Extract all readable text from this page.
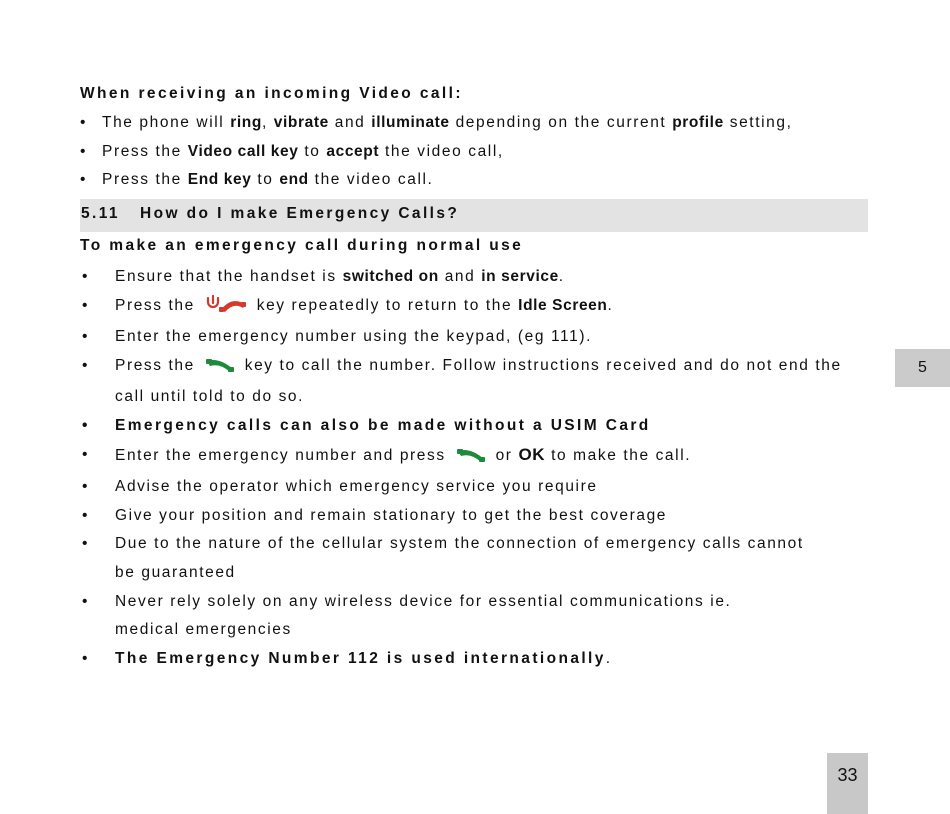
When receiving an incoming Video call:
• The phone will ring, vibrate and illuminate depending on the current profile setting,
• Press the Video call key to accept the video call,
• Press the End key to end the video call.
5.11   How do I make Emergency Calls?
To make an emergency call during normal use
• Ensure that the handset is switched on and in service.
• Press the	key repeatedly to return to the Idle Screen.
• Enter the emergency number using the keypad, (eg 111).
• Press the	key to call the number. Follow instructions received and do not end the call until told to do so.
• Emergency calls can also be made without a USIM Card
• Enter the emergency number and press	or OK to make the call.
• Advise the operator which emergency service you require
• Give your position and remain stationary to get the best coverage
• Due to the nature of the cellular system the connection of emergency calls cannot be guaranteed
• Never rely solely on any wireless device for essential communications ie. medical emergencies
• The Emergency Number 112 is used internationally.
5
33
